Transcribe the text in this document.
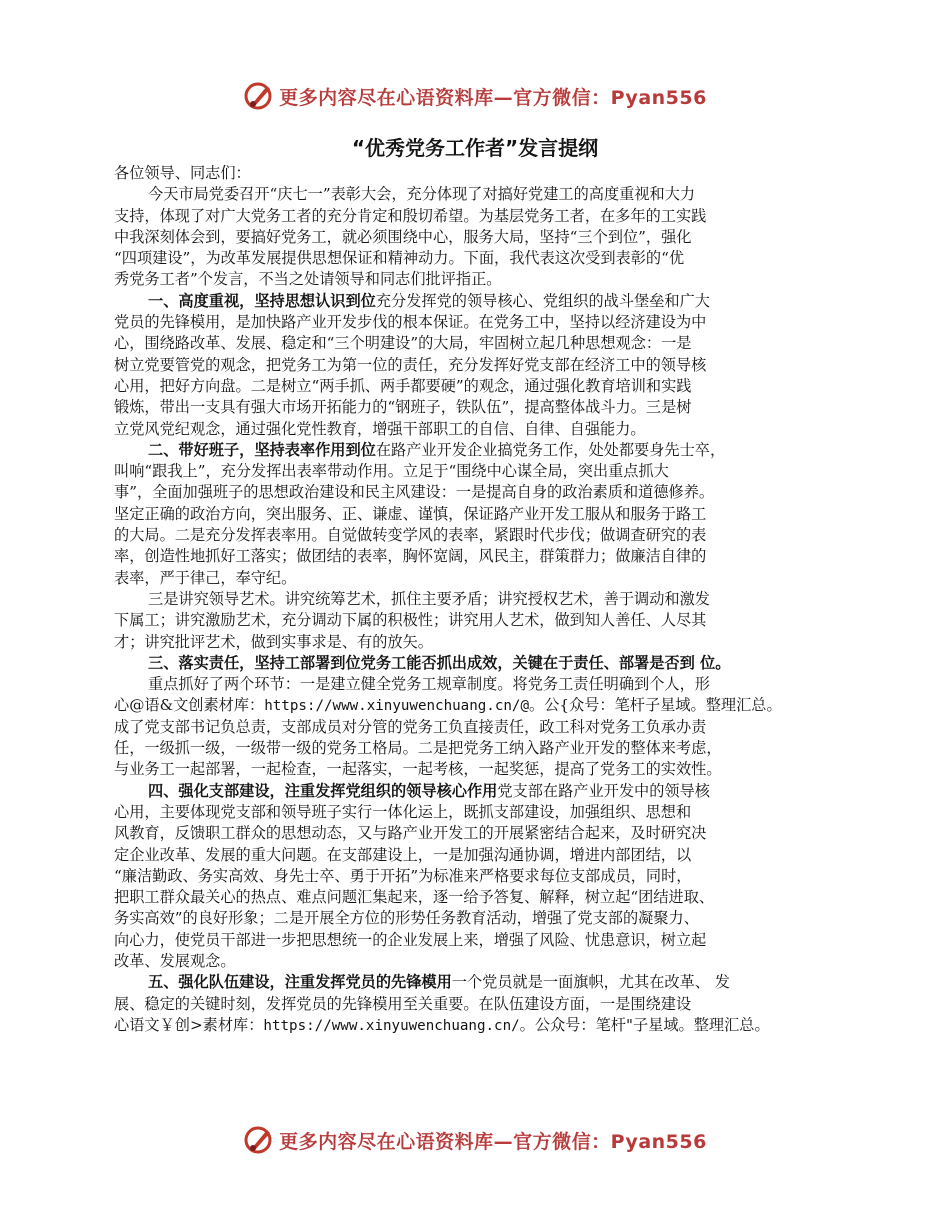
更多内容尽在心语资料库—官方微信：Pyan556
“优秀党务工作者”发言提纲
各位领导、同志们：
今天市局党委召开“庆七一”表彰大会，充分体现了对搞好党建工的高度重视和大力
支持，体现了对广大党务工者的充分肯定和殷切希望。为基层党务工者，在多年的工实践
中我深刻体会到，要搞好党务工，就必须围绕中心，服务大局，坚持“三个到位”，强化
“四项建设”，为改革发展提供思想保证和精神动力。下面，我代表这次受到表彰的“优
秀党务工者”个发言，不当之处请领导和同志们批评指正。
一、高度重视，坚持思想认识到位充分发挥党的领导核心、党组织的战斗堡垒和广大
党员的先锋模用，是加快路产业开发步伐的根本保证。在党务工中，坚持以经济建设为中
心，围绕路改革、发展、稳定和“三个明建设”的大局，牢固树立起几种思想观念：一是
树立党要管党的观念，把党务工为第一位的责任，充分发挥好党支部在经济工中的领导核
心用，把好方向盘。二是树立“两手抓、两手都要硬”的观念，通过强化教育培训和实践
锻炼，带出一支具有强大市场开拓能力的“钢班子，铁队伍”，提高整体战斗力。三是树
立党风党纪观念，通过强化党性教育，增强干部职工的自信、自律、自强能力。
二、带好班子，坚持表率作用到位在路产业开发企业搞党务工作，处处都要身先士卒，
叫响“跟我上”，充分发挥出表率带动作用。立足于“围绕中心谋全局，突出重点抓大
事”，全面加强班子的思想政治建设和民主风建设：一是提高自身的政治素质和道德修养。
坚定正确的政治方向，突出服务、正、谦虚、谨慎，保证路产业开发工服从和服务于路工
的大局。二是充分发挥表率用。自觉做转变学风的表率，紧跟时代步伐；做调查研究的表
率，创造性地抓好工落实；做团结的表率，胸怀宽阔，风民主，群策群力；做廉洁自律的
表率，严于律己，奉守纪。
三是讲究领导艺术。讲究统筹艺术，抓住主要矛盾；讲究授权艺术，善于调动和激发
下属工；讲究激励艺术，充分调动下属的积极性；讲究用人艺术，做到知人善任、人尽其
才；讲究批评艺术，做到实事求是、有的放矢。
三、落实责任，坚持工部署到位党务工能否抓出成效，关键在于责任、部署是否到 位。
重点抓好了两个环节：一是建立健全党务工规章制度。将党务工责任明确到个人，形
心@语&文创素材库：https://www.xinyuwenchuang.cn/@。公{众号：笔杆子星域。整理汇总。
成了党支部书记负总责，支部成员对分管的党务工负直接责任，政工科对党务工负承办责
任，一级抓一级，一级带一级的党务工格局。二是把党务工纳入路产业开发的整体来考虑，
与业务工一起部署，一起检查，一起落实，一起考核，一起奖惩，提高了党务工的实效性。
四、强化支部建设，注重发挥党组织的领导核心作用党支部在路产业开发中的领导核
心用，主要体现党支部和领导班子实行一体化运上，既抓支部建设，加强组织、思想和
风教育，反馈职工群众的思想动态，又与路产业开发工的开展紧密结合起来，及时研究决
定企业改革、发展的重大问题。在支部建设上，一是加强沟通协调，增进内部团结，以
“廉洁勤政、务实高效、身先士卒、勇于开拓”为标准来严格要求每位支部成员，同时，
把职工群众最关心的热点、难点问题汇集起来，逐一给予答复、解释，树立起“团结进取、
务实高效”的良好形象；二是开展全方位的形势任务教育活动，增强了党支部的凝聚力、
向心力，使党员干部进一步把思想统一的企业发展上来，增强了风险、忧患意识，树立起
改革、发展观念。
五、强化队伍建设，注重发挥党员的先锋模用一个党员就是一面旗帜，尤其在改革、 发
展、稳定的关键时刻，发挥党员的先锋模用至关重要。在队伍建设方面，一是围绕建设
心语文￥创>素材库：https://www.xinyuwenchuang.cn/。公众号：笔杆"子星域。整理汇总。
更多内容尽在心语资料库—官方微信：Pyan556
